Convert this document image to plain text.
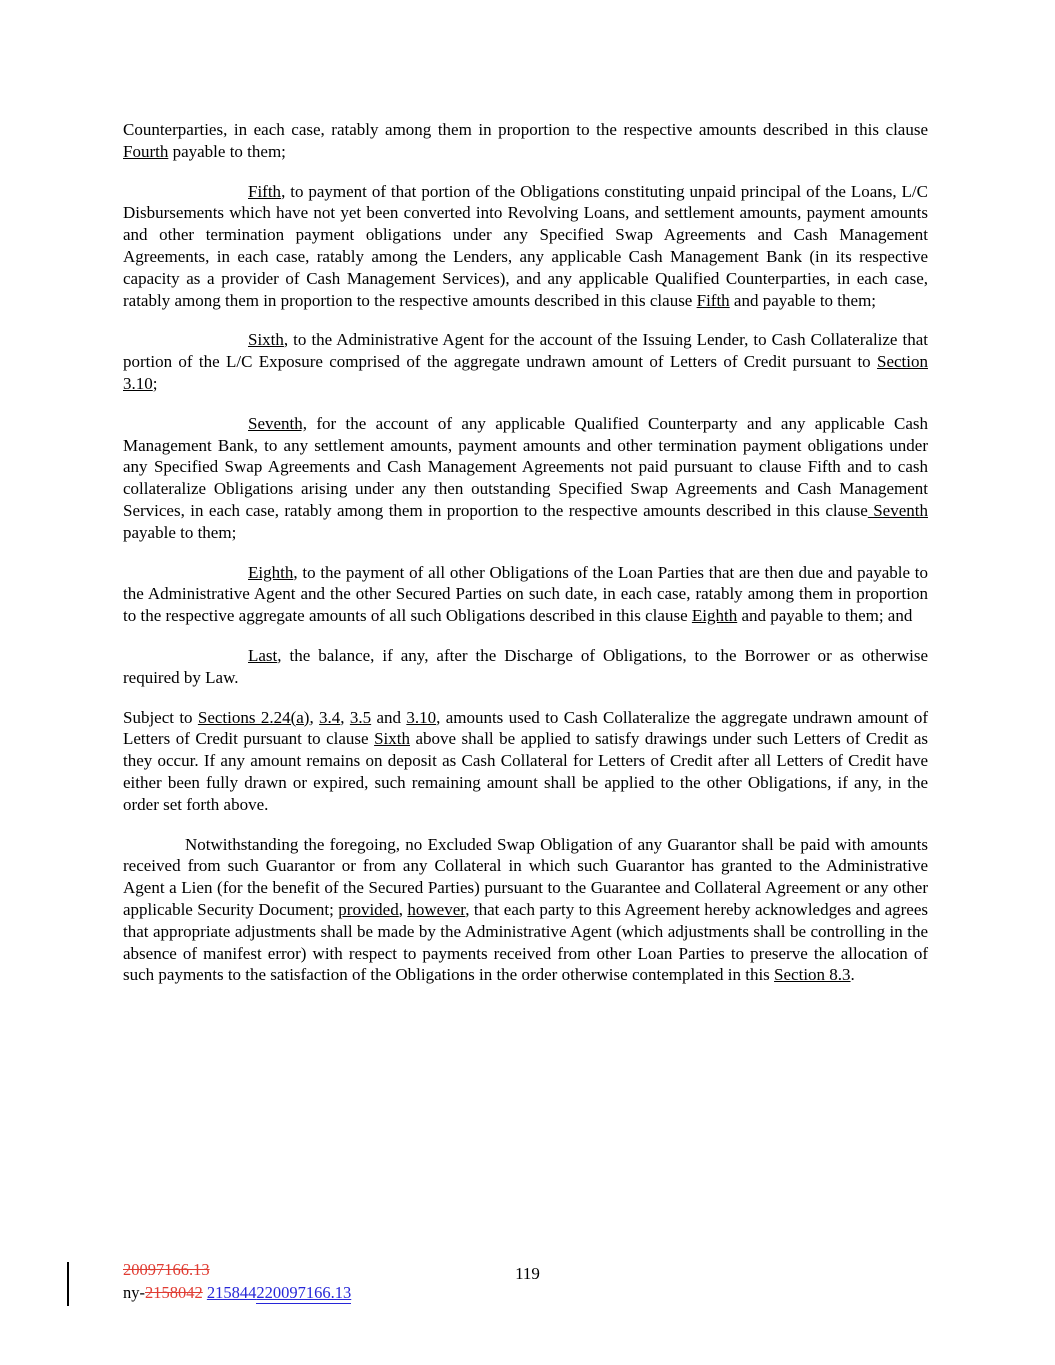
Counterparties, in each case, ratably among them in proportion to the respective amounts described in this clause Fourth payable to them;

Fifth, to payment of that portion of the Obligations constituting unpaid principal of the Loans, L/C Disbursements which have not yet been converted into Revolving Loans, and settlement amounts, payment amounts and other termination payment obligations under any Specified Swap Agreements and Cash Management Agreements, in each case, ratably among the Lenders, any applicable Cash Management Bank (in its respective capacity as a provider of Cash Management Services), and any applicable Qualified Counterparties, in each case, ratably among them in proportion to the respective amounts described in this clause Fifth and payable to them;

Sixth, to the Administrative Agent for the account of the Issuing Lender, to Cash Collateralize that portion of the L/C Exposure comprised of the aggregate undrawn amount of Letters of Credit pursuant to Section 3.10;

Seventh, for the account of any applicable Qualified Counterparty and any applicable Cash Management Bank, to any settlement amounts, payment amounts and other termination payment obligations under any Specified Swap Agreements and Cash Management Agreements not paid pursuant to clause Fifth and to cash collateralize Obligations arising under any then outstanding Specified Swap Agreements and Cash Management Services, in each case, ratably among them in proportion to the respective amounts described in this clause Seventh payable to them;

Eighth, to the payment of all other Obligations of the Loan Parties that are then due and payable to the Administrative Agent and the other Secured Parties on such date, in each case, ratably among them in proportion to the respective aggregate amounts of all such Obligations described in this clause Eighth and payable to them; and

Last, the balance, if any, after the Discharge of Obligations, to the Borrower or as otherwise required by Law.

Subject to Sections 2.24(a), 3.4, 3.5 and 3.10, amounts used to Cash Collateralize the aggregate undrawn amount of Letters of Credit pursuant to clause Sixth above shall be applied to satisfy drawings under such Letters of Credit as they occur. If any amount remains on deposit as Cash Collateral for Letters of Credit after all Letters of Credit have either been fully drawn or expired, such remaining amount shall be applied to the other Obligations, if any, in the order set forth above.

Notwithstanding the foregoing, no Excluded Swap Obligation of any Guarantor shall be paid with amounts received from such Guarantor or from any Collateral in which such Guarantor has granted to the Administrative Agent a Lien (for the benefit of the Secured Parties) pursuant to the Guarantee and Collateral Agreement or any other applicable Security Document; provided, however, that each party to this Agreement hereby acknowledges and agrees that appropriate adjustments shall be made by the Administrative Agent (which adjustments shall be controlling in the absence of manifest error) with respect to payments received from other Loan Parties to preserve the allocation of such payments to the satisfaction of the Obligations in the order otherwise contemplated in this Section 8.3.

20097166.13
ny-2158042 215844220097166.13
119
